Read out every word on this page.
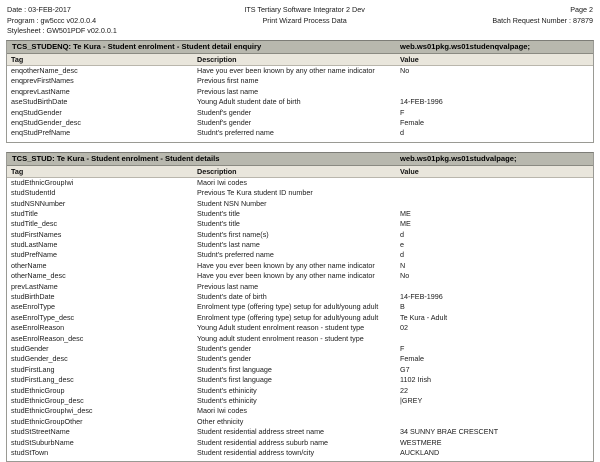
Date : 03-FEB-2017
Program : gw5ccc v02.0.0.4
Stylesheet : GW501PDF v02.0.0.1
ITS Tertiary Software Integrator 2 Dev
Print Wizard Process Data
Page 2
Batch Request Number : 87879
TCS_STUDENQ: Te Kura - Student enrolment - Student detail enquiry	web.ws01pkg.ws01studenqvalpage;
Tag	Description	Value
enqotherName_desc	Have you ever been known by any other name indicator	No
enqprevFirstNames	Previous first name
enqprevLastName	Previous last name
aseStudBirthDate	Young Adult student date of birth	14-FEB-1996
enqStudGender	Studenf's gender	F
enqStudGender_desc	Studenf's gender	Female
enqStudPrefName	Studnt's preferred name	d
TCS_STUD: Te Kura - Student enrolment - Student details	web.ws01pkg.ws01studvalpage;
Tag	Description	Value
studEthnicGroupIwi	Maori Iwi codes
studStudentId	Previous Te Kura student ID number
studNSNNumber	Student NSN Number
studTitle	Student's title	ME
studTitle_desc	Student's title	ME
studFirstNames	Student's first name(s)	d
studLastName	Student's last name	e
studPrefName	Studnt's preferred name	d
otherName	Have you ever been known by any other name indicator	N
otherName_desc	Have you ever been known by any other name indicator	No
prevLastName	Previous last name
studBirthDate	Student's date of birth	14-FEB-1996
aseEnrolType	Enrolment type (offering type) setup for adult/young adult	B
aseEnrolType_desc	Enrolment type (offering type) setup for adult/young adult	Te Kura - Adult
aseEnrolReason	Young Adult student enrolment reason - student type	02
aseEnrolReason_desc	Young adult student enrolment reason - student type
studGender	Student's gender	F
studGender_desc	Student's gender	Female
studFirstLang	Student's first language	G7
studFirstLang_desc	Student's first language	1102 Irish
studEthnicGroup	Student's ethinicity	22
studEthnicGroup_desc	Student's ethinicity	|GREY
studEthnicGroupIwi_desc	Maori Iwi codes
studEthnicGroupOther	Other ethnicity
studStStreetName	Student residential address street name	34 SUNNY BRAE CRESCENT
studStSuburbName	Student residential address suburb name	WESTMERE
studStTown	Student residential address town/city	AUCKLAND
